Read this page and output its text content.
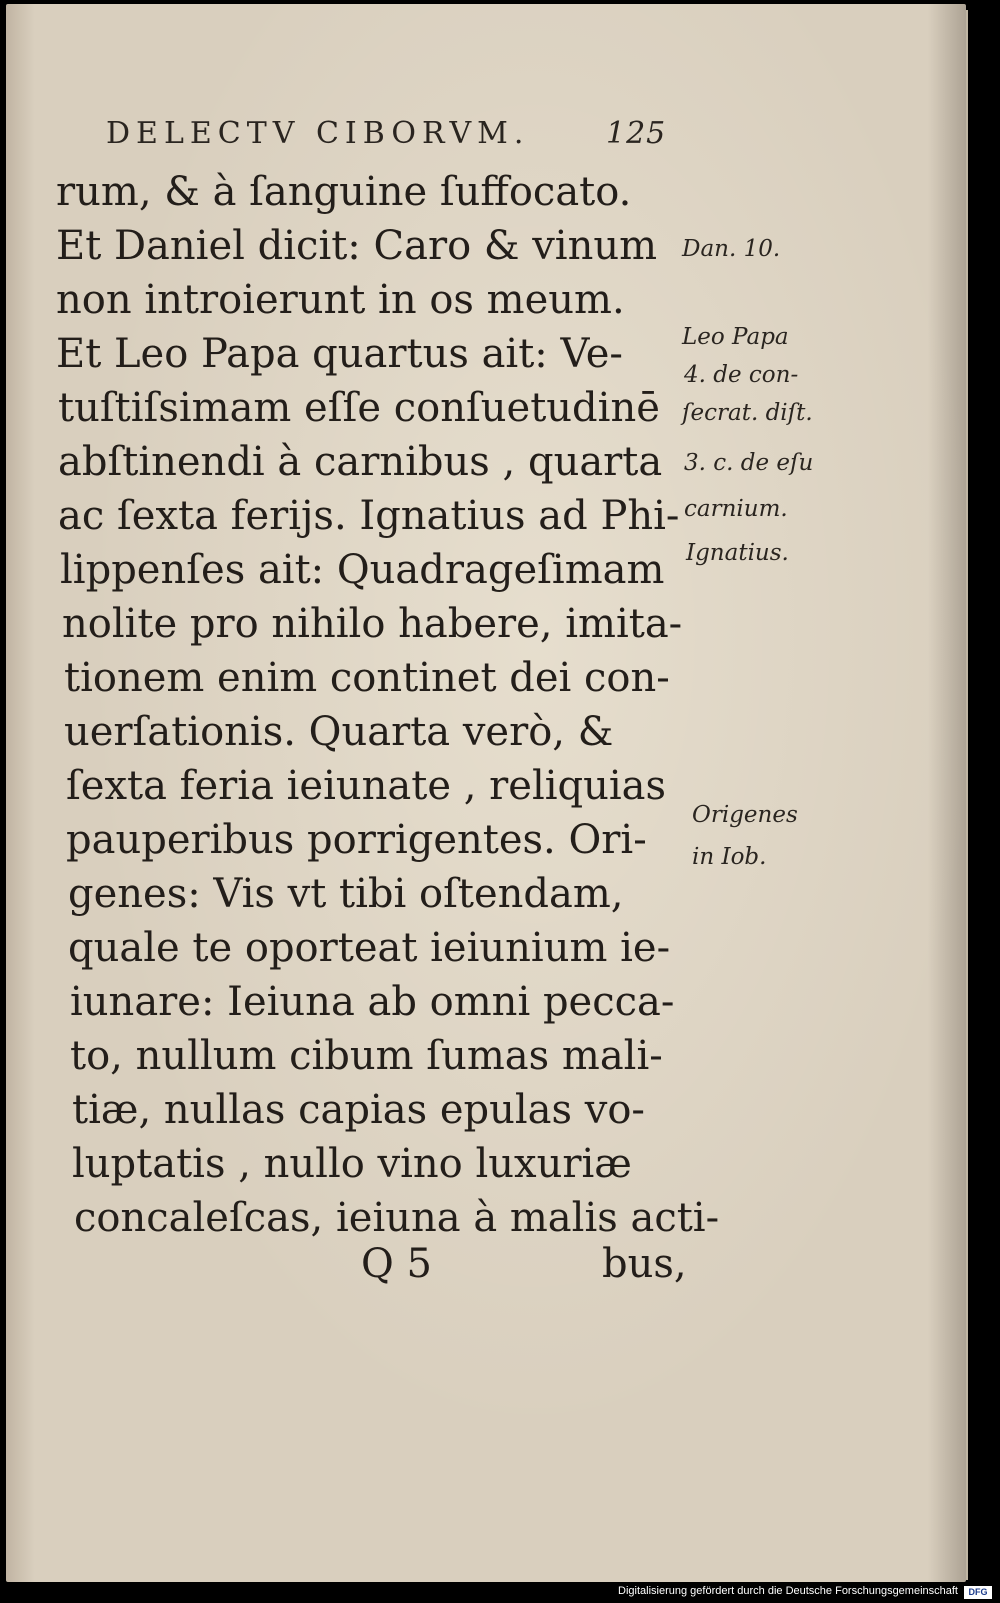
DELECTV CIBORVM.	125
rum, & à ſanguine ſuffocato.
Et Daniel dicit: Caro & vinum
non introierunt in os meum.
Et Leo Papa quartus ait: Ve-
tuſtiſsimam eſſe conſuetudinē
abſtinendi à carnibus , quarta
ac ſexta ferijs. Ignatius ad Phi-
lippenſes ait: Quadrageſimam
nolite pro nihilo habere, imita-
tionem enim continet dei con-
uerſationis. Quarta verò, &
ſexta feria ieiunate , reliquias
pauperibus porrigentes. Ori-
genes: Vis vt tibi oſtendam,
quale te oporteat ieiunium ie-
iunare: Ieiuna ab omni pecca-
to, nullum cibum ſumas mali-
tiæ, nullas capias epulas vo-
luptatis , nullo vino luxuriæ
concaleſcas, ieiuna à malis acti-
Dan. 10.
Leo Papa
4. de con-
ſecrat. diſt.
3. c. de eſu
carnium.
Ignatius.
Origenes
in Iob.
Q 5	bus,
Digitalisierung gefördert durch die Deutsche Forschungsgemeinschaft	DFG
